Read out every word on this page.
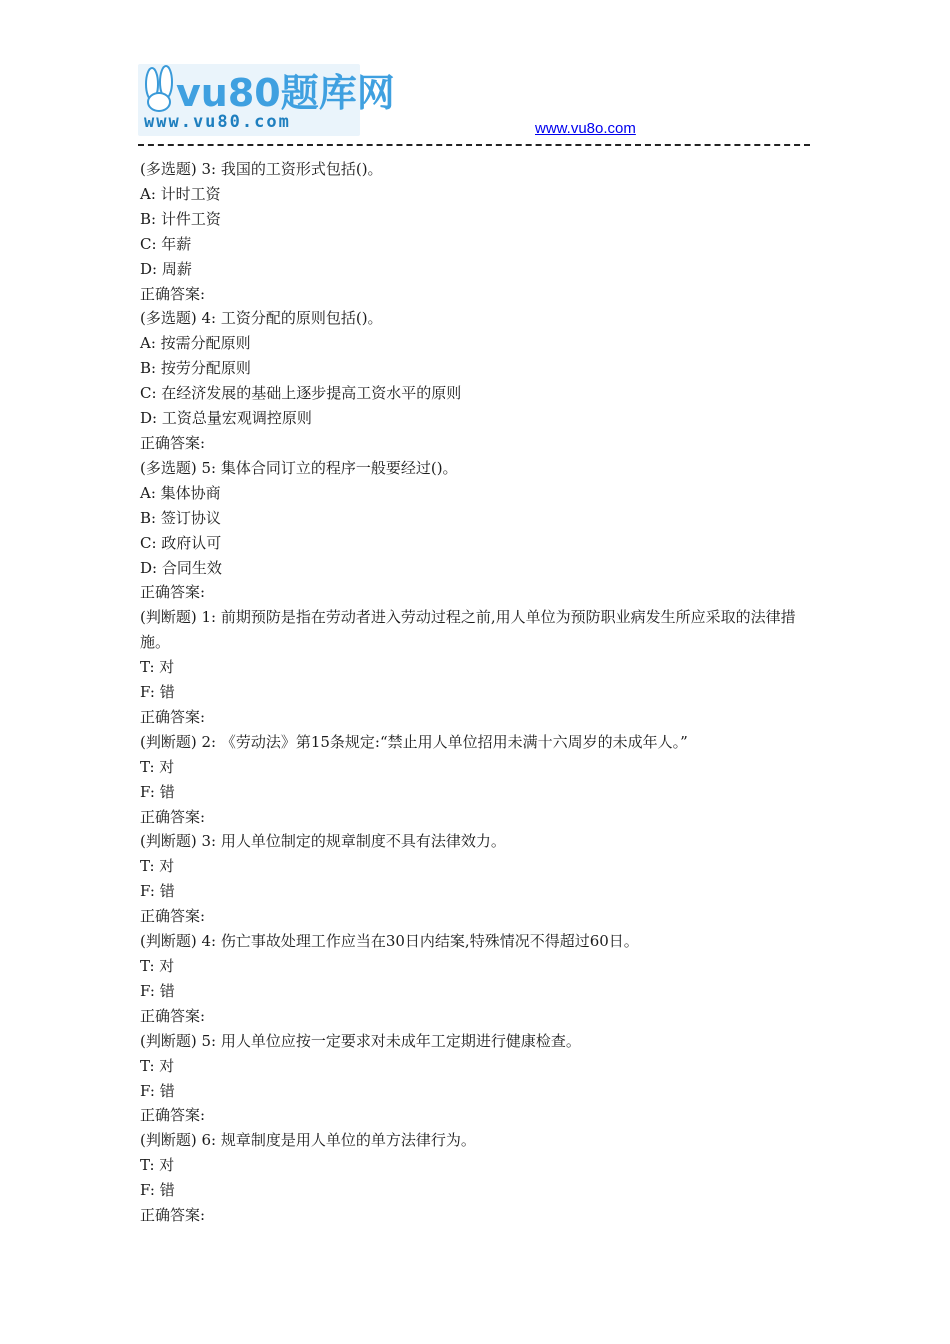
vu80题库网
www.vu80.com	www.vu8o.com
(多选题) 3: 我国的工资形式包括()。
A: 计时工资
B: 计件工资
C: 年薪
D: 周薪
正确答案:
(多选题) 4: 工资分配的原则包括()。
A: 按需分配原则
B: 按劳分配原则
C: 在经济发展的基础上逐步提高工资水平的原则
D: 工资总量宏观调控原则
正确答案:
(多选题) 5: 集体合同订立的程序一般要经过()。
A: 集体协商
B: 签订协议
C: 政府认可
D: 合同生效
正确答案:
(判断题) 1: 前期预防是指在劳动者进入劳动过程之前,用人单位为预防职业病发生所应采取的法律措施。
T: 对
F: 错
正确答案:
(判断题) 2: 《劳动法》第15条规定:“禁止用人单位招用未满十六周岁的未成年人。”
T: 对
F: 错
正确答案:
(判断题) 3: 用人单位制定的规章制度不具有法律效力。
T: 对
F: 错
正确答案:
(判断题) 4: 伤亡事故处理工作应当在30日内结案,特殊情况不得超过60日。
T: 对
F: 错
正确答案:
(判断题) 5: 用人单位应按一定要求对未成年工定期进行健康检查。
T: 对
F: 错
正确答案:
(判断题) 6: 规章制度是用人单位的单方法律行为。
T: 对
F: 错
正确答案:
